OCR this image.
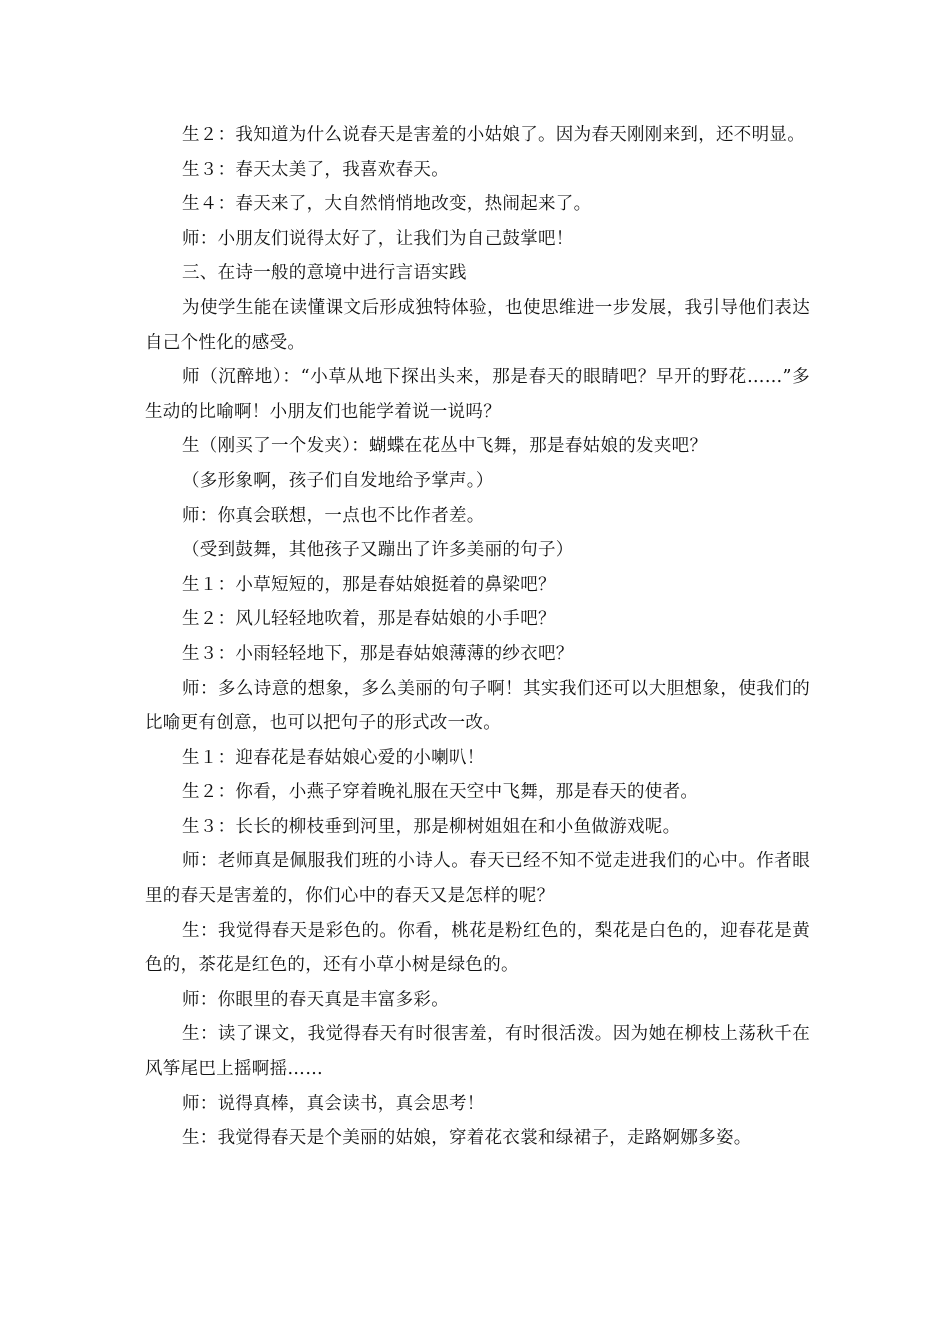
生２：我知道为什么说春天是害羞的小姑娘了。因为春天刚刚来到，还不明显。

生３：春天太美了，我喜欢春天。

生４：春天来了，大自然悄悄地改变，热闹起来了。

师：小朋友们说得太好了，让我们为自己鼓掌吧！

三、在诗一般的意境中进行言语实践

为使学生能在读懂课文后形成独特体验，也使思维进一步发展，我引导他们表达自己个性化的感受。

师（沉醉地）：“小草从地下探出头来，那是春天的眼睛吧？早开的野花……”多生动的比喻啊！小朋友们也能学着说一说吗？

生（刚买了一个发夹）：蝴蝶在花丛中飞舞，那是春姑娘的发夹吧？

（多形象啊，孩子们自发地给予掌声。）

师：你真会联想，一点也不比作者差。

（受到鼓舞，其他孩子又蹦出了许多美丽的句子）

生１：小草短短的，那是春姑娘挺着的鼻梁吧？

生２：风儿轻轻地吹着，那是春姑娘的小手吧？

生３：小雨轻轻地下，那是春姑娘薄薄的纱衣吧？

师：多么诗意的想象，多么美丽的句子啊！其实我们还可以大胆想象，使我们的比喻更有创意，也可以把句子的形式改一改。

生１：迎春花是春姑娘心爱的小喇叭！

生２：你看，小燕子穿着晚礼服在天空中飞舞，那是春天的使者。

生３：长长的柳枝垂到河里，那是柳树姐姐在和小鱼做游戏呢。

师：老师真是佩服我们班的小诗人。春天已经不知不觉走进我们的心中。作者眼里的春天是害羞的，你们心中的春天又是怎样的呢？

生：我觉得春天是彩色的。你看，桃花是粉红色的，梨花是白色的，迎春花是黄色的，茶花是红色的，还有小草小树是绿色的。

师：你眼里的春天真是丰富多彩。

生：读了课文，我觉得春天有时很害羞，有时很活泼。因为她在柳枝上荡秋千在风筝尾巴上摇啊摇……

师：说得真棒，真会读书，真会思考！

生：我觉得春天是个美丽的姑娘，穿着花衣裳和绿裙子，走路婀娜多姿。
